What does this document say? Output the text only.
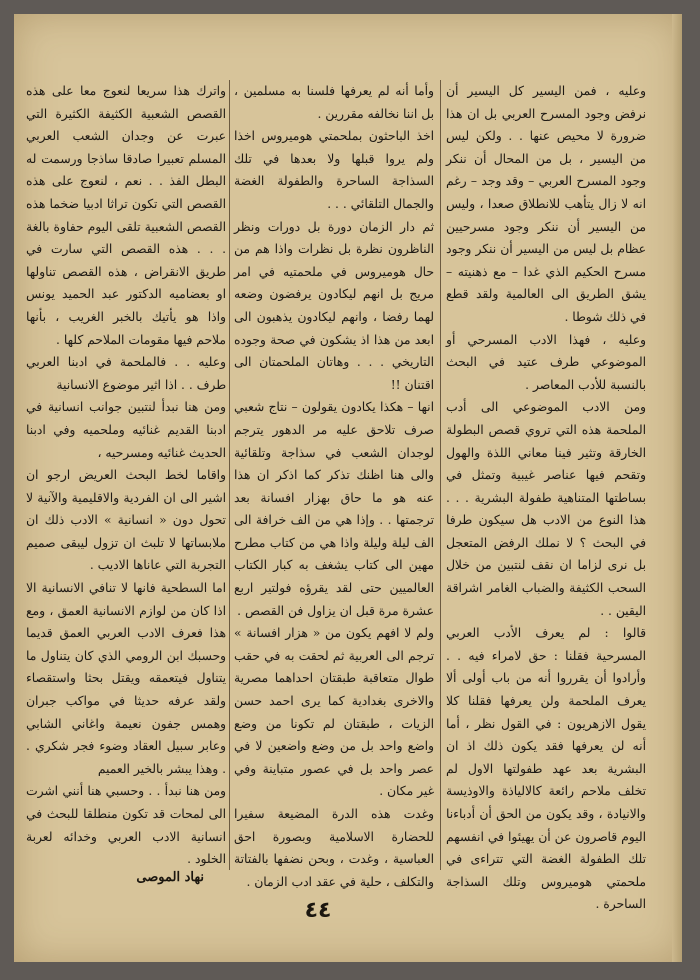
وعليه ، فمن اليسير كل اليسير أن نرفض وجود المسرح العربي بل ان هذا ضرورة لا محيص عنها . . ولكن ليس من اليسير ، بل من المحال أن ننكر وجود المسرح العربي – وقد وجد – رغم انه لا زال يتأهب للانطلاق صعدا ، وليس من اليسير أن ننكر وجود مسرحيين عظام بل ليس من اليسير أن ننكر وجود مسرح الحكيم الذي غدا – مع ذهنيته – يشق الطريق الى العالمية ولقد قطع في ذلك شوطا .

وعليه ، فهذا الادب المسرحي أو الموضوعي طرف عتيد في البحث بالنسبة للأدب المعاصر .

ومن الادب الموضوعي الى أدب الملحمة هذه التي تروي قصص البطولة الخارقة وتثير فينا معاني اللذة والهول وتقحم فيها عناصر غيبية وتمثل في بساطتها المتناهية طفولة البشرية . . . هذا النوع من الادب هل سيكون طرفا في البحث ؟ لا نملك الرفض المتعجل بل نرى لزاما ان نقف لنتبين من خلال السحب الكثيفة والضباب الغامر اشراقة اليقين . .

قالوا : لم يعرف الأدب العربي المسرحية فقلنا : حق لامراء فيه . . وأرادوا أن يقرروا أنه من باب أولى ألا يعرف الملحمة ولن يعرفها فقلنا كلا يقول الازهريون : في القول نظر ، أما أنه لن يعرفها فقد يكون ذلك اذ ان البشرية بعد عهد طفولتها الاول لم تخلف ملاحم رائعة كالالياذة والاوذيسة والانيادة ، وقد يكون من الحق أن أدباءنا اليوم قاصرون عن أن يهيئوا في انفسهم تلك الطفولة الغضة التي تتراءى في ملحمتي هوميروس وتلك السذاجة الساحرة .

وأما أنه لم يعرفها فلسنا به مسلمين ، بل اننا نخالفه مقررين .

اخذ الباحثون بملحمتي هوميروس اخذا ولم يروا قبلها ولا بعدها في تلك السذاجة الساحرة والطفولة الغضة والجمال التلقائي . . .

ثم دار الزمان دورة بل دورات ونظر الناظرون نظرة بل نظرات واذا هم من حال هوميروس في ملحمتيه في امر مريج بل انهم ليكادون يرفضون وضعه لهما رفضا ، وانهم ليكادون يذهبون الى ابعد من هذا اذ يشكون في صحة وجوده التاريخي . . . وهاتان الملحمتان الى اقتنان !!

انها – هكذا يكادون يقولون – نتاج شعبي صرف تلاحق عليه مر الدهور يترجم لوجدان الشعب في سذاجة وتلقائية والى هنا اظنك تذكر كما اذكر ان هذا عنه هو ما حاق بهزار افسانة بعد ترجمتها . . وإذا هي من الف خرافة الى الف ليلة وليلة واذا هي من كتاب مطرح مهين الى كتاب يشغف به كبار الكتاب العالميين حتى لقد يقرؤه فولتير اربع عشرة مرة قبل ان يزاول فن القصص .

ولم لا افهم يكون من « هزار افسانة » ترجم الى العربية ثم لحقت به في حقب طوال متعاقبة طبقتان احداهما مصرية والاخرى بغدادية كما يرى احمد حسن الزيات ، طبقتان لم تكونا من وضع واضع واحد بل من وضع واضعين لا في عصر واحد بل في عصور متباينة وفي غير مكان .

وغدت هذه الدرة المضيعة سفيرا للحضارة الاسلامية وبصورة احق العباسية ، وغدت ، وبحن نضفها بالفتاتة والتكلف ، حلية في عقد ادب الزمان .

واترك هذا سريعا لنعوج معا على هذه القصص الشعبية الكثيفة الكثيرة التي عبرت عن وجدان الشعب العربي المسلم تعبيرا صادقا ساذجا ورسمت له البطل الفذ . . نعم ، لنعوج على هذه القصص التي تكون تراثا ادبيا ضخما هذه القصص الشعبية تلقى اليوم حفاوة بالغة . . . هذه القصص التي سارت في طريق الانقراض ، هذه القصص تناولها او بعضاميه الدكتور عبد الحميد يونس واذا هو يأتيك بالخبر الغريب ، بأنها ملاحم فيها مقومات الملاحم كلها .

وعليه . . فالملحمة في ادبنا العربي طرف . . اذا اثير موضوع الانسانية

ومن هنا نبدأ لنتبين جوانب انسانية في ادبنا القديم غنائيه وملحميه وفي ادبنا الحديث غنائيه ومسرحيه ،

واقاما لخط البحث العريض ارجو ان اشير الى ان الفردية والاقليمية والآنية لا تحول دون « انسانية » الادب ذلك ان ملابساتها لا تلبث ان تزول ليبقى صميم التجربة التي عاناها الاديب .

اما السطحية فانها لا تنافي الانسانية الا اذا كان من لوازم الانسانية العمق ، ومع هذا فعرف الادب العربي العمق قديما وحسبك ابن الرومي الذي كان يتناول ما يتناول فيتعمقه ويقتل بحثا واستقصاء ولقد عرفه حديثا في مواكب جبران وهمس جفون نعيمة واغاني الشابي وعابر سبيل العقاد وضوء فجر شكري . . وهذا يبشر بالخير العميم

ومن هنا نبدأ . . وحسبي هنا أنني اشرت الى لمحات قد تكون منطلقا للبحث في انسانية الادب العربي وخدائه لعربة الخلود .

نهاد الموصى
٤٤
